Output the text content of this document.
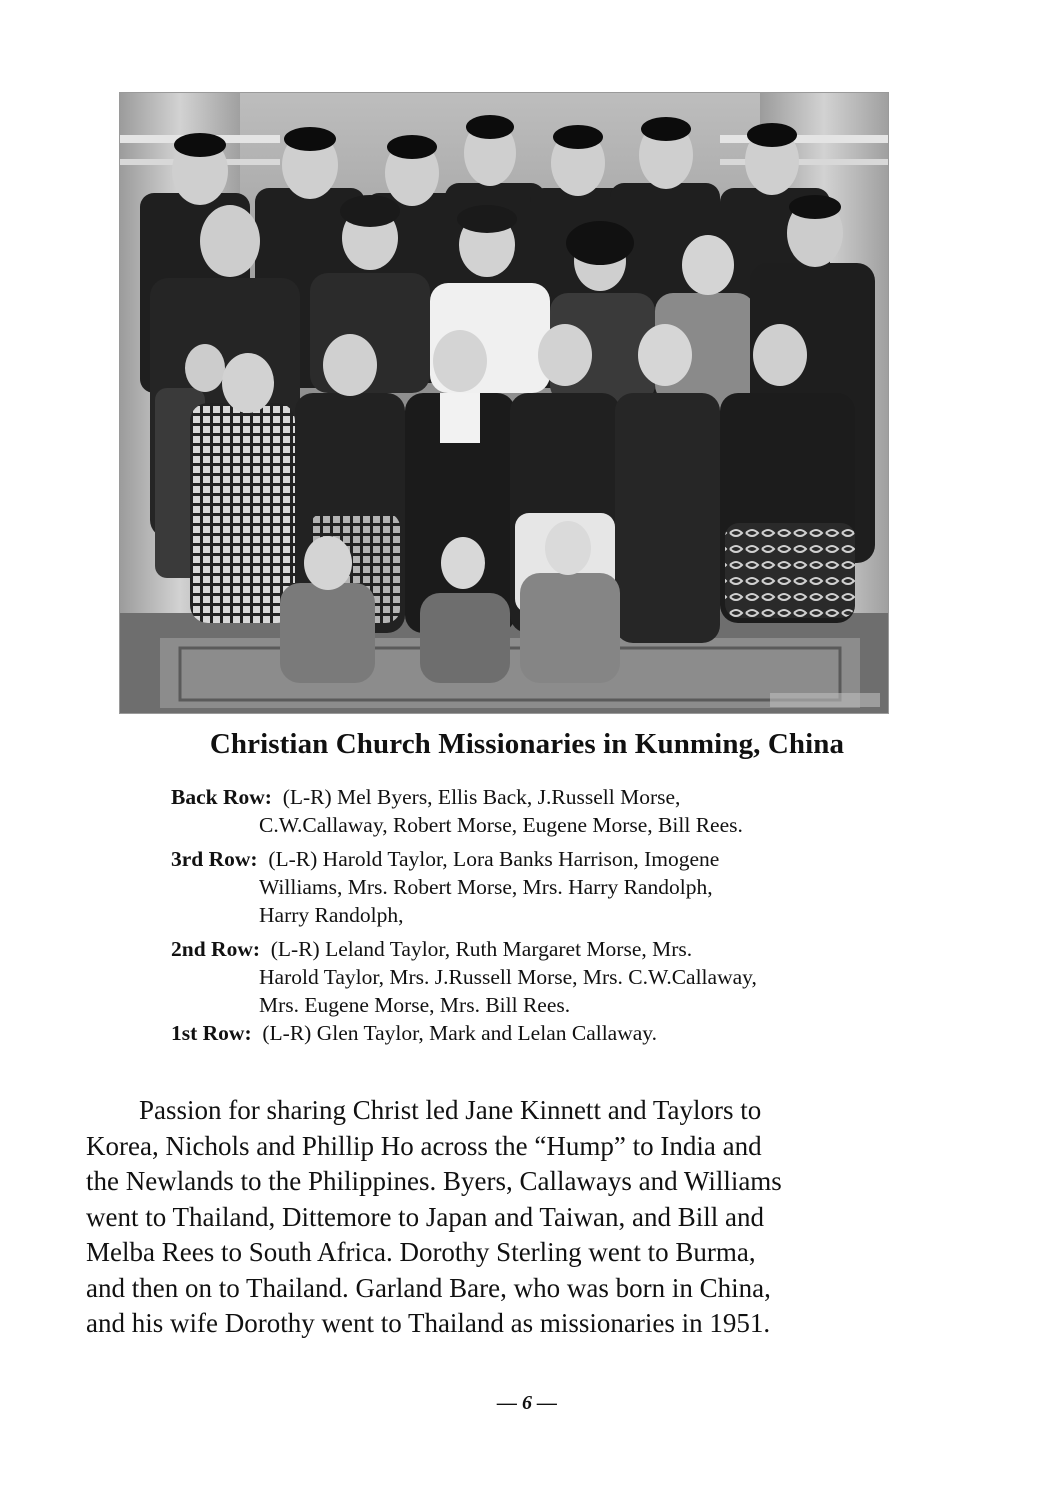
Christian Church Missionaries in Kunming, China
Back Row: (L-R) Mel Byers, Ellis Back, J.Russell Morse,
C.W.Callaway, Robert Morse, Eugene Morse, Bill Rees.
3rd Row: (L-R) Harold Taylor, Lora Banks Harrison, Imogene
Williams, Mrs. Robert Morse, Mrs. Harry Randolph,
Harry Randolph,
2nd Row: (L-R) Leland Taylor, Ruth Margaret Morse, Mrs.
Harold Taylor, Mrs. J.Russell Morse, Mrs. C.W.Callaway,
Mrs. Eugene Morse, Mrs. Bill Rees.
1st Row: (L-R) Glen Taylor, Mark and Lelan Callaway.
Passion for sharing Christ led Jane Kinnett and Taylors to
Korea, Nichols and Phillip Ho across the “Hump” to India and
the Newlands to the Philippines. Byers, Callaways and Williams
went to Thailand, Dittemore to Japan and Taiwan, and Bill and
Melba Rees to South Africa. Dorothy Sterling went to Burma,
and then on to Thailand. Garland Bare, who was born in China,
and his wife Dorothy went to Thailand as missionaries in 1951.
— 6 —
